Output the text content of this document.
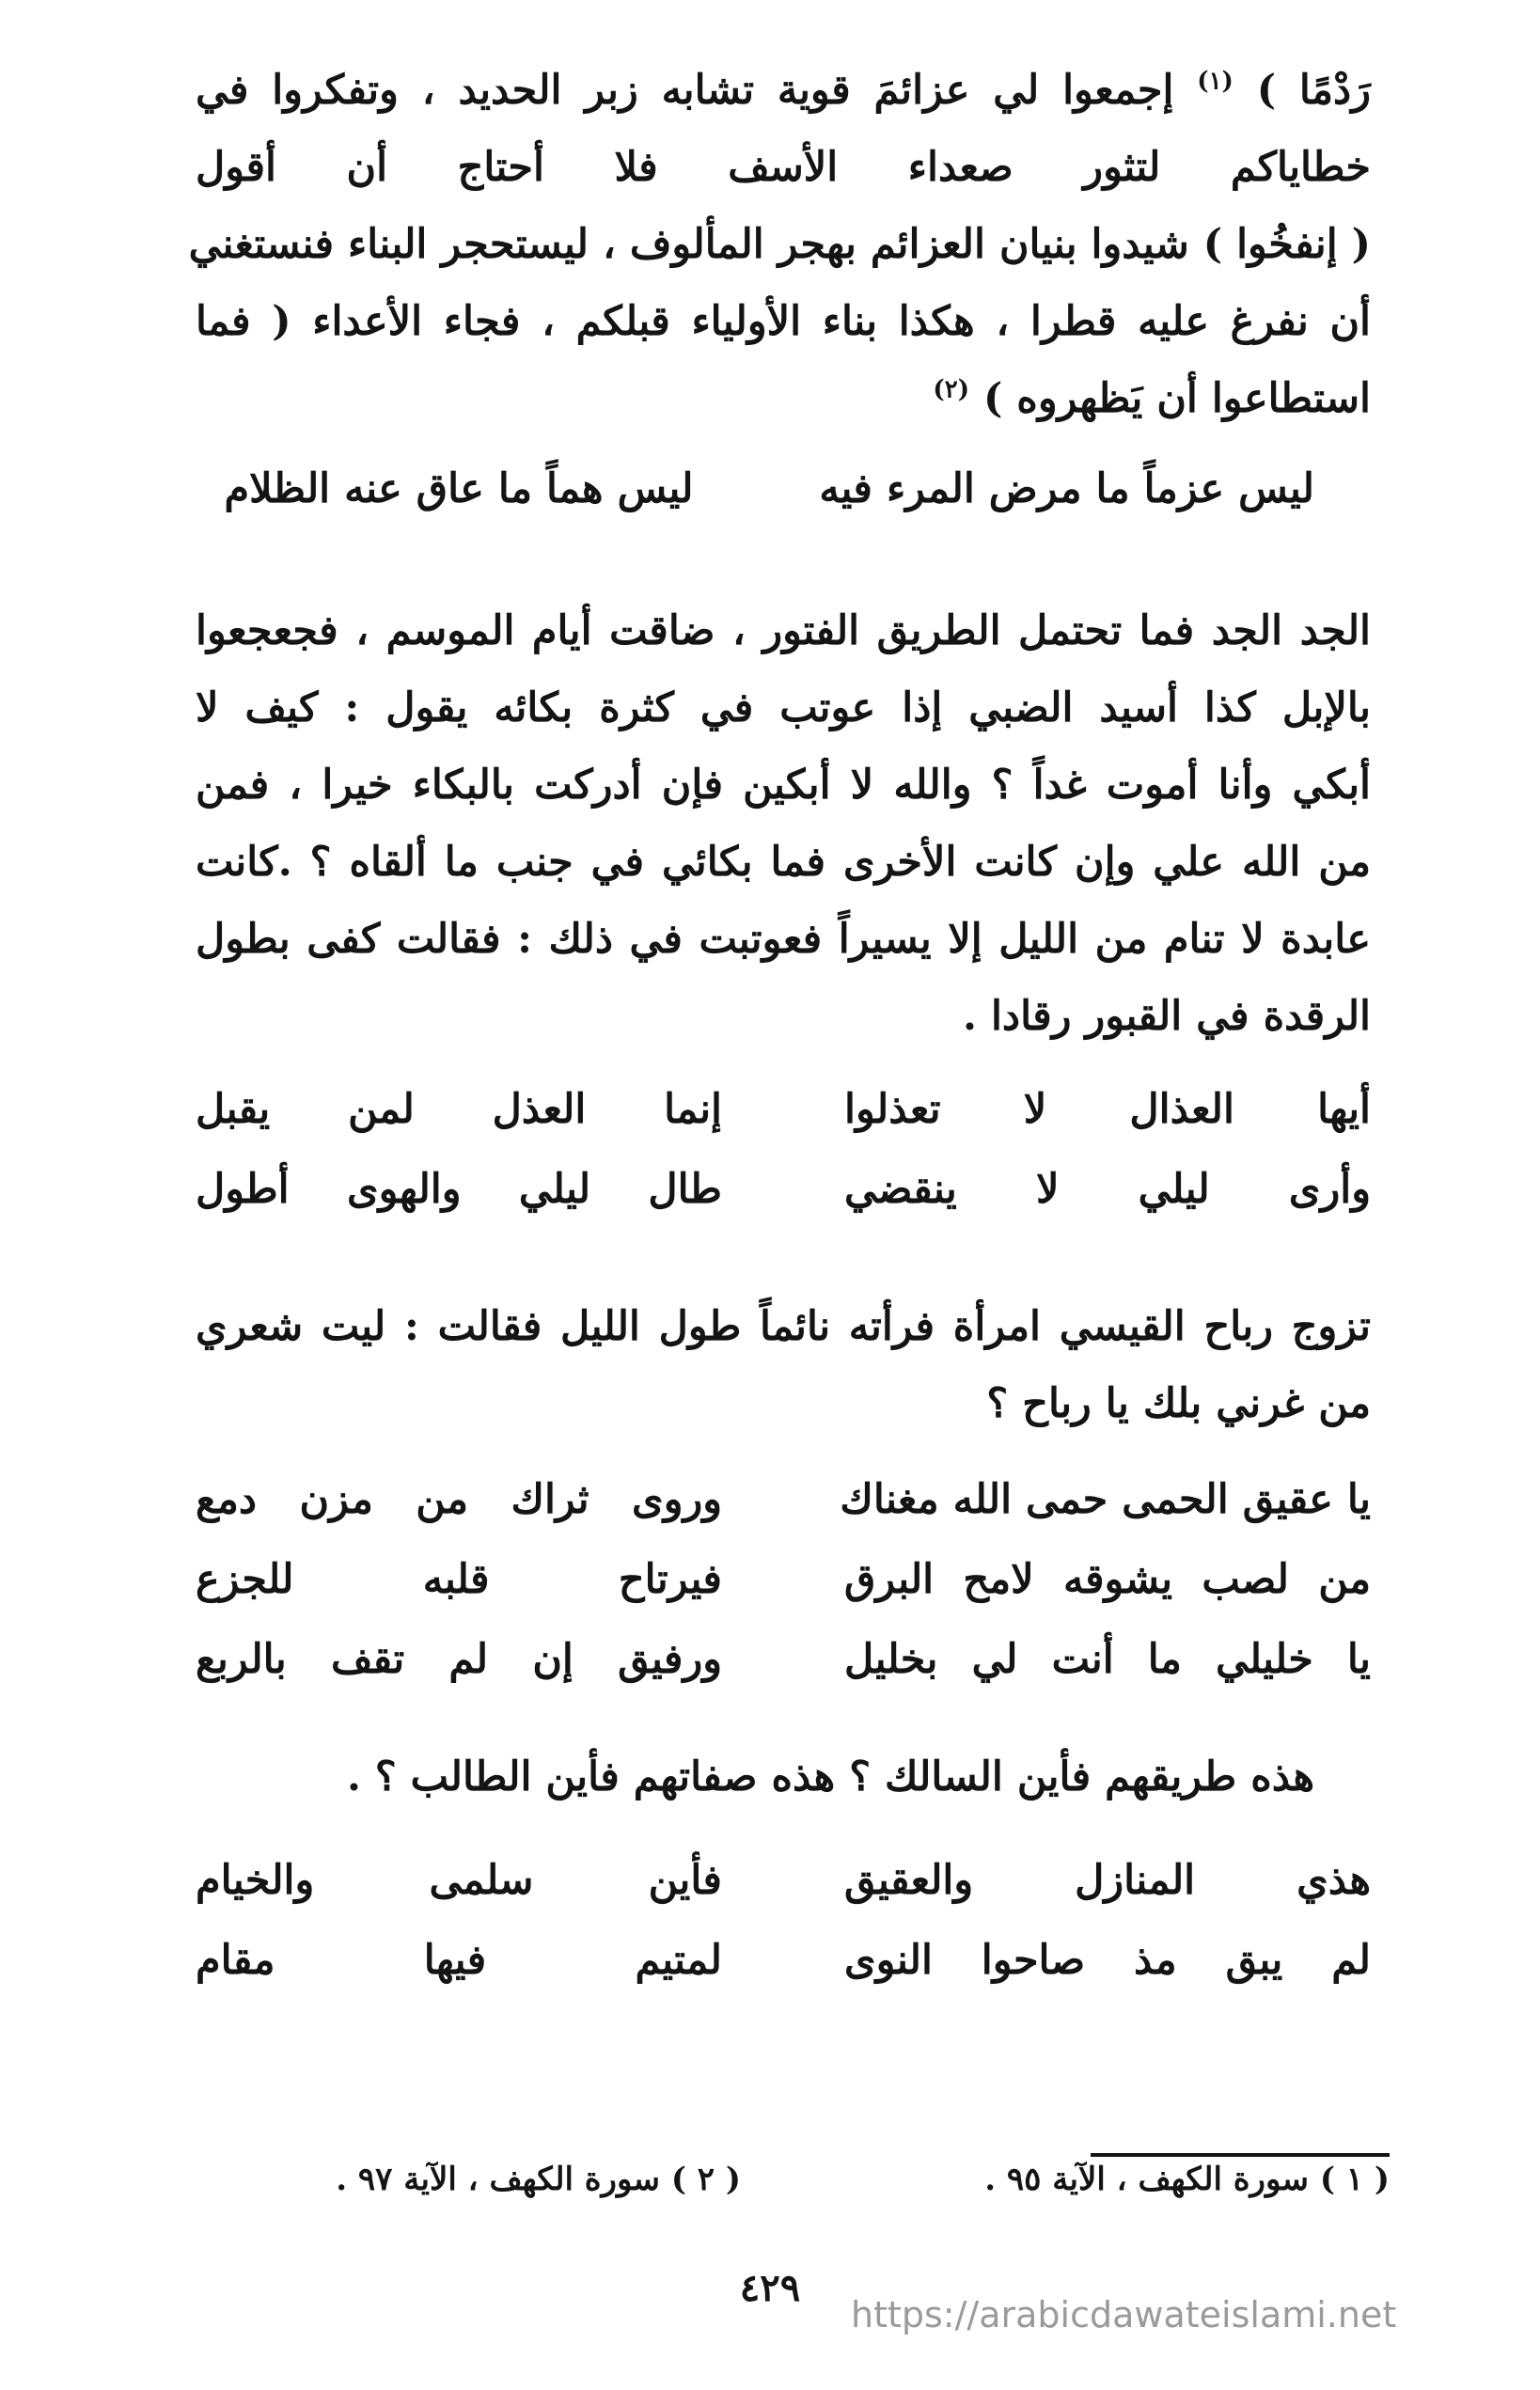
رَدْمًا ) $^{(١)}$ إجمعوا لي عزائمَ قوية تشابه زبر الحديد ، وتفكروا في
خطاياكم لتثور صعداء الأسف فلا أحتاج أن أقول
( إنفخُوا ) شيدوا بنيان العزائم بهجر المألوف ، ليستحجر البناء فنستغني
أن نفرغ عليه قطرا ، هكذا بناء الأولياء قبلكم ، فجاء الأعداء ( فما
استطاعوا أن يَظهروه ) $^{(٢)}$
ليس عزماً ما مرض المرء فيه
ليس هماً ما عاق عنه الظلام
الجد الجد فما تحتمل الطريق الفتور ، ضاقت أيام الموسم ، فجعجعوا
بالإبل كذا أسيد الضبي إذا عوتب في كثرة بكائه يقول : كيف لا
أبكي وأنا أموت غداً ؟ والله لا أبكين فإن أدركت بالبكاء خيرا ، فمن
من الله علي وإن كانت الأخرى فما بكائي في جنب ما ألقاه ؟ .كانت
عابدة لا تنام من الليل إلا يسيراً فعوتبت في ذلك : فقالت كفى بطول
الرقدة في القبور رقادا .
أيها العذال لا تعذلوا
إنما العذل لمن يقبل
وأرى ليلي لا ينقضي
طال ليلي والهوى أطول
تزوج رباح القيسي امرأة فرأته نائماً طول الليل فقالت : ليت شعري
من غرني بلك يا رباح ؟
يا عقيق الحمى حمى الله مغناك
وروى ثراك من مزن دمع
من لصب يشوقه لامح البرق
فيرتاح قلبه للجزع
يا خليلي ما أنت لي بخليل
ورفيق إن لم تقف بالربع
هذه طريقهم فأين السالك ؟ هذه صفاتهم فأين الطالب ؟ .
هذي المنازل والعقيق
فأين سلمى والخيام
لم يبق مذ صاحوا النوى
لمتيم فيها مقام
( ١ ) سورة الكهف ، الآية ٩٥ .
( ٢ ) سورة الكهف ، الآية ٩٧ .
٤٢٩
https://arabicdawateislami.net
